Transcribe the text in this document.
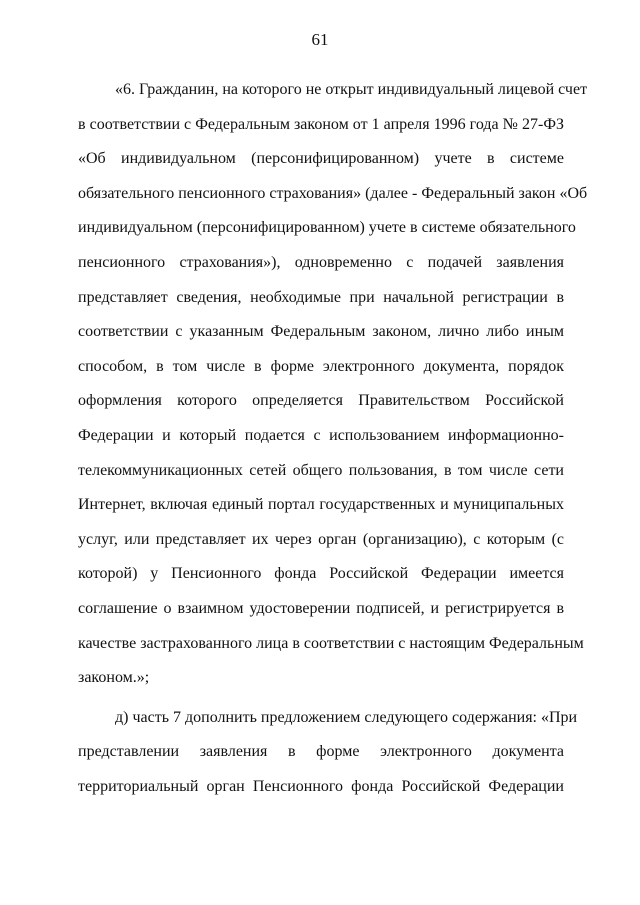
61
«6. Гражданин, на которого не открыт индивидуальный лицевой счет
в соответствии с Федеральным законом от 1 апреля 1996 года № 27-ФЗ
«Об индивидуальном (персонифицированном) учете в системе
обязательного пенсионного страхования» (далее - Федеральный закон «Об
индивидуальном (персонифицированном) учете в системе обязательного
пенсионного страхования»), одновременно с подачей заявления
представляет сведения, необходимые при начальной регистрации в
соответствии с указанным Федеральным законом, лично либо иным
способом, в том числе в форме электронного документа, порядок
оформления которого определяется Правительством Российской
Федерации и который подается с использованием информационно-
телекоммуникационных сетей общего пользования, в том числе сети
Интернет, включая единый портал государственных и муниципальных
услуг, или представляет их через орган (организацию), с которым (с
которой) у Пенсионного фонда Российской Федерации имеется
соглашение о взаимном удостоверении подписей, и регистрируется в
качестве застрахованного лица в соответствии с настоящим Федеральным
законом.»;
д) часть 7 дополнить предложением следующего содержания: «При
представлении заявления в форме электронного документа
территориальный орган Пенсионного фонда Российской Федерации
